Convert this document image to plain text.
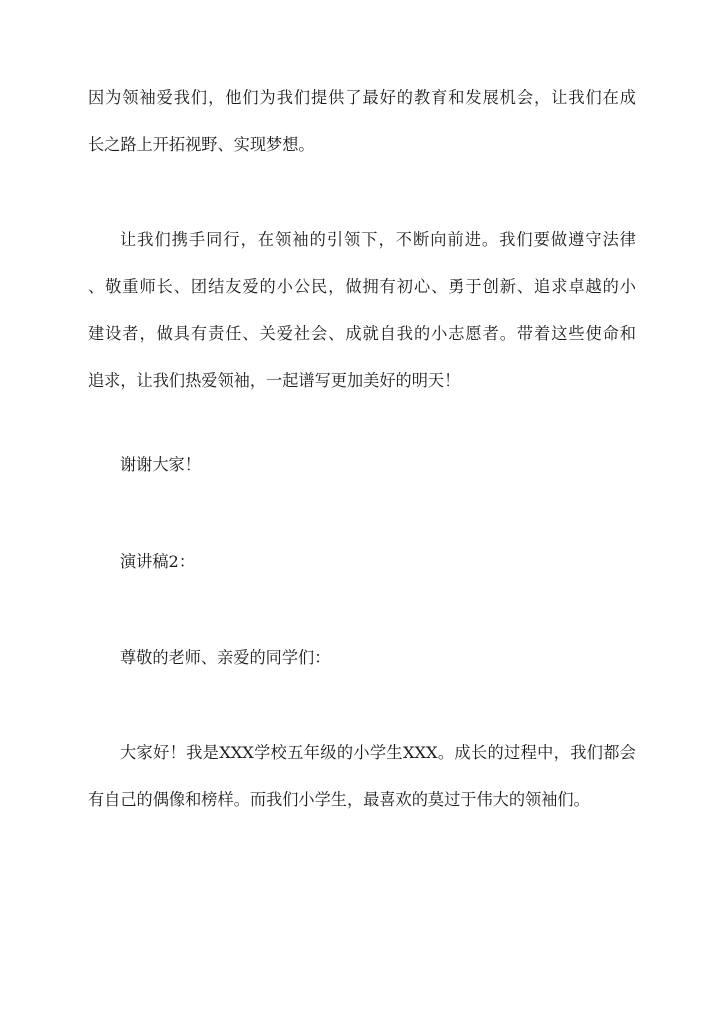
因为领袖爱我们，他们为我们提供了最好的教育和发展机会，让我们在成
长之路上开拓视野、实现梦想。
让我们携手同行，在领袖的引领下，不断向前进。我们要做遵守法律
、敬重师长、团结友爱的小公民，做拥有初心、勇于创新、追求卓越的小
建设者，做具有责任、关爱社会、成就自我的小志愿者。带着这些使命和
追求，让我们热爱领袖，一起谱写更加美好的明天！

谢谢大家！

演讲稿2：

尊敬的老师、亲爱的同学们：

大家好！我是XXX学校五年级的小学生XXX。成长的过程中，我们都会
有自己的偶像和榜样。而我们小学生，最喜欢的莫过于伟大的领袖们。
